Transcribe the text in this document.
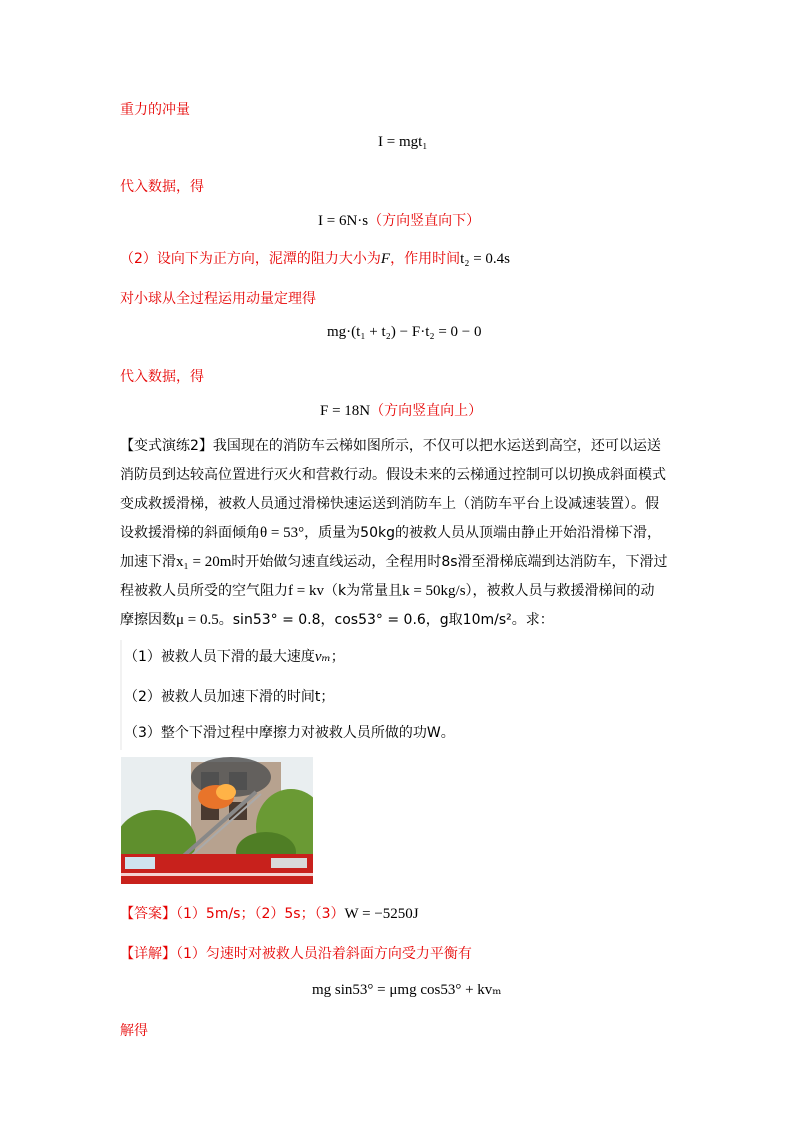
重力的冲量
I = mgt₁
代入数据，得
I = 6N·s（方向竖直向下）
（2）设向下为正方向，泥潭的阻力大小为F，作用时间t₂ = 0.4s
对小球从全过程运用动量定理得
mg·(t₁ + t₂) − F·t₂ = 0 − 0
代入数据，得
F = 18N（方向竖直向上）
【变式演练2】我国现在的消防车云梯如图所示，不仅可以把水运送到高空，还可以运送
消防员到达较高位置进行灭火和营救行动。假设未来的云梯通过控制可以切换成斜面模式
变成救援滑梯，被救人员通过滑梯快速运送到消防车上（消防车平台上设减速装置）。假
设救援滑梯的斜面倾角θ = 53°，质量为50kg的被救人员从顶端由静止开始沿滑梯下滑，
加速下滑x₁ = 20m时开始做匀速直线运动，全程用时8s滑至滑梯底端到达消防车，下滑过
程被救人员所受的空气阻力f = kv（k为常量且k = 50kg/s），被救人员与救援滑梯间的动
摩擦因数μ = 0.5。sin53° = 0.8，cos53° = 0.6，g取10m/s²。求：
（1）被救人员下滑的最大速度vₘ；
（2）被救人员加速下滑的时间t；
（3）整个下滑过程中摩擦力对被救人员所做的功W。
【答案】（1）5m/s；（2）5s；（3）W = −5250J
【详解】（1）匀速时对被救人员沿着斜面方向受力平衡有
mg sin53° = μmg cos53° + kvₘ
解得
